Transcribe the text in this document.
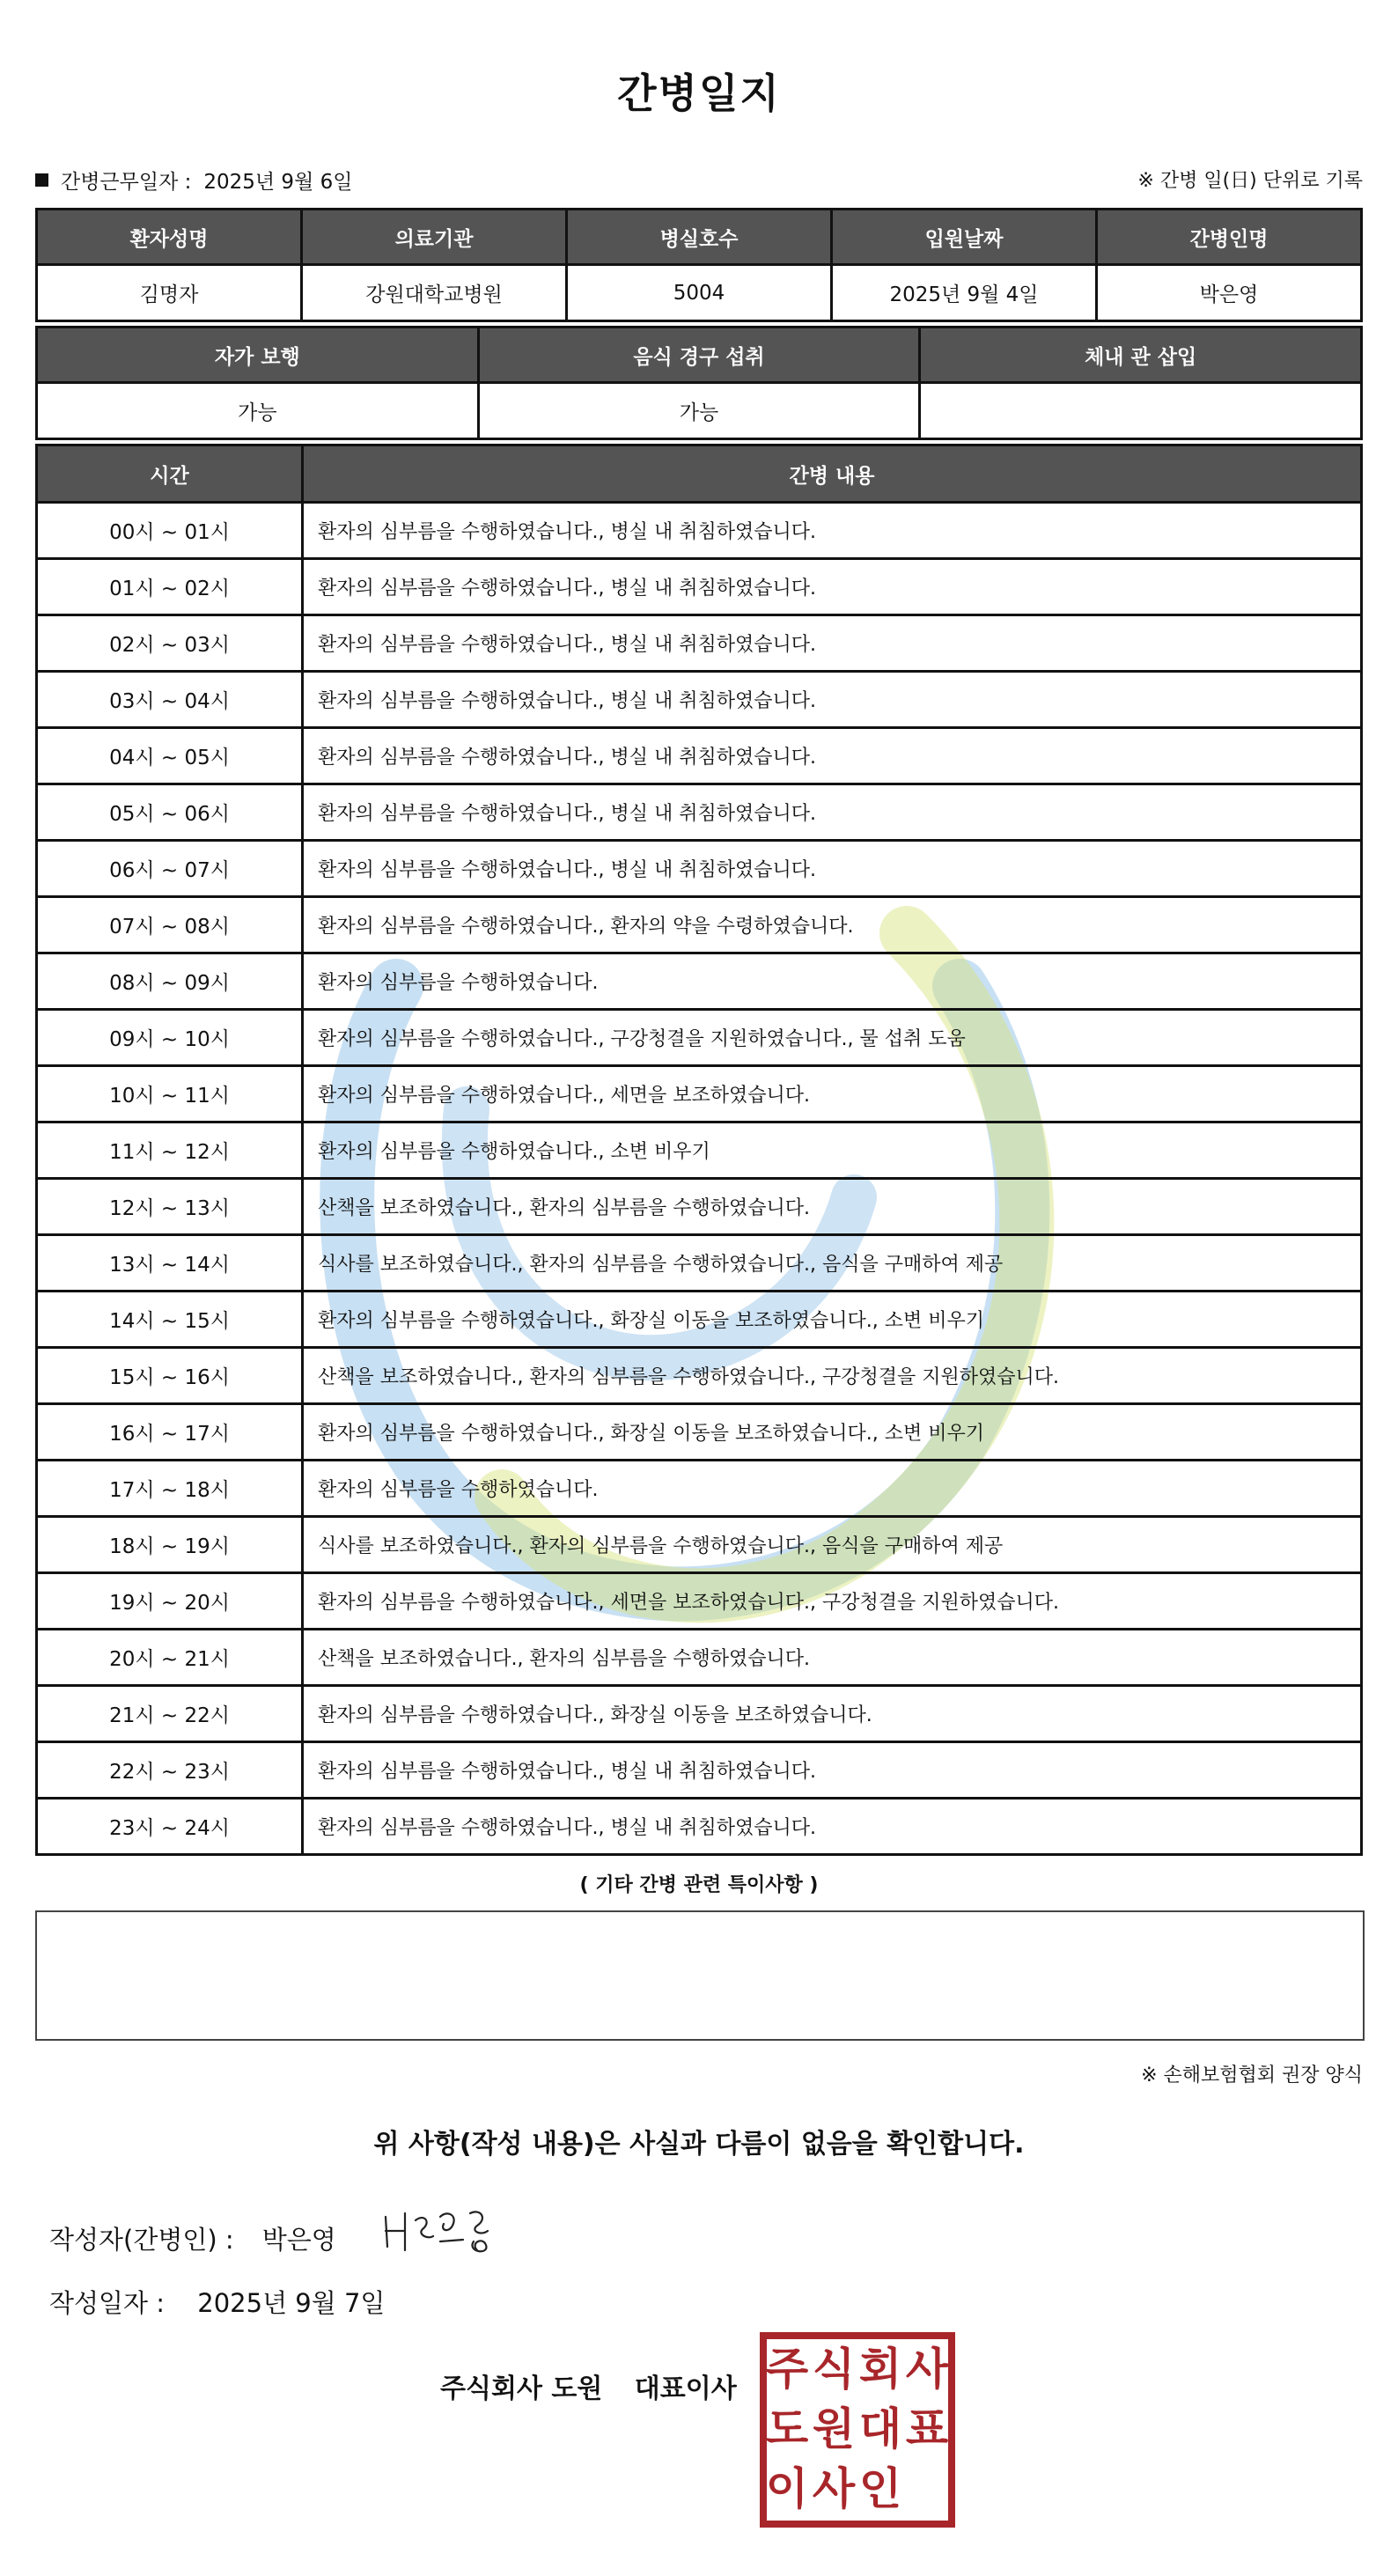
간병일지
간병근무일자 : 2025년 9월 6일	※ 간병 일(日) 단위로 기록
환자성명	의료기관	병실호수	입원날짜	간병인명
김명자	강원대학교병원	5004	2025년 9월 4일	박은영
자가 보행	음식 경구 섭취	체내 관 삽입
가능	가능	
시간	간병 내용
00시 ~ 01시	환자의 심부름을 수행하였습니다., 병실 내 취침하였습니다.
01시 ~ 02시	환자의 심부름을 수행하였습니다., 병실 내 취침하였습니다.
02시 ~ 03시	환자의 심부름을 수행하였습니다., 병실 내 취침하였습니다.
03시 ~ 04시	환자의 심부름을 수행하였습니다., 병실 내 취침하였습니다.
04시 ~ 05시	환자의 심부름을 수행하였습니다., 병실 내 취침하였습니다.
05시 ~ 06시	환자의 심부름을 수행하였습니다., 병실 내 취침하였습니다.
06시 ~ 07시	환자의 심부름을 수행하였습니다., 병실 내 취침하였습니다.
07시 ~ 08시	환자의 심부름을 수행하였습니다., 환자의 약을 수령하였습니다.
08시 ~ 09시	환자의 심부름을 수행하였습니다.
09시 ~ 10시	환자의 심부름을 수행하였습니다., 구강청결을 지원하였습니다., 물 섭취 도움
10시 ~ 11시	환자의 심부름을 수행하였습니다., 세면을 보조하였습니다.
11시 ~ 12시	환자의 심부름을 수행하였습니다., 소변 비우기
12시 ~ 13시	산책을 보조하였습니다., 환자의 심부름을 수행하였습니다.
13시 ~ 14시	식사를 보조하였습니다., 환자의 심부름을 수행하였습니다., 음식을 구매하여 제공
14시 ~ 15시	환자의 심부름을 수행하였습니다., 화장실 이동을 보조하였습니다., 소변 비우기
15시 ~ 16시	산책을 보조하였습니다., 환자의 심부름을 수행하였습니다., 구강청결을 지원하였습니다.
16시 ~ 17시	환자의 심부름을 수행하였습니다., 화장실 이동을 보조하였습니다., 소변 비우기
17시 ~ 18시	환자의 심부름을 수행하였습니다.
18시 ~ 19시	식사를 보조하였습니다., 환자의 심부름을 수행하였습니다., 음식을 구매하여 제공
19시 ~ 20시	환자의 심부름을 수행하였습니다., 세면을 보조하였습니다., 구강청결을 지원하였습니다.
20시 ~ 21시	산책을 보조하였습니다., 환자의 심부름을 수행하였습니다.
21시 ~ 22시	환자의 심부름을 수행하였습니다., 화장실 이동을 보조하였습니다.
22시 ~ 23시	환자의 심부름을 수행하였습니다., 병실 내 취침하였습니다.
23시 ~ 24시	환자의 심부름을 수행하였습니다., 병실 내 취침하였습니다.
( 기타 간병 관련 특이사항 )
※ 손해보험협회 권장 양식
위 사항(작성 내용)은 사실과 다름이 없음을 확인합니다.
작성자(간병인) : 박은영
작성일자 : 2025년 9월 7일
주식회사 도원 대표이사 주 식 회 사
도 원 대 표
이 사 인
